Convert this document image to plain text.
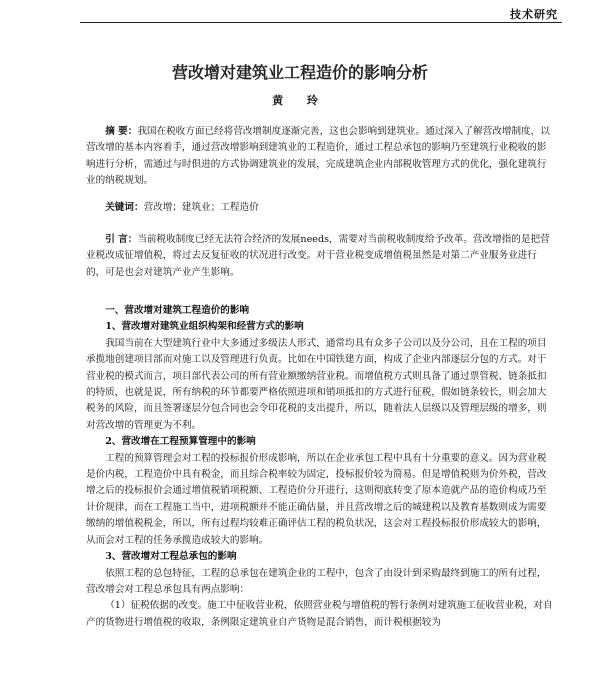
技术研究
营改增对建筑业工程造价的影响分析
黄 玲

摘 要：我国在税收方面已经将营改增制度逐渐完善，这也会影响到建筑业。通过深入了解营改增制度，以营改增的基本内容着手，通过营改增影响到建筑业的工程造价，通过工程总承包的影响乃至建筑行业税收的影响进行分析，需通过与时俱进的方式协调建筑业的发展，完成建筑企业内部税收管理方式的优化，强化建筑行业的纳税规划。

关键词：营改增；建筑业；工程造价

引 言：当前税收制度已经无法符合经济的发展needs，需要对当前税收制度给予改革。营改增指的是把营业税改成征增值税，将过去反复征收的状况进行改变。对于营业税变成增值税虽然是对第二产业服务业进行的，可是也会对建筑产业产生影响。

一、营改增对建筑工程造价的影响

1、营改增对建筑业组织构架和经营方式的影响

我国当前在大型建筑行业中大多通过多级法人形式，通常均具有众多子公司以及分公司，且在工程的项目承揽地创建项目部而对施工以及管理进行负责。比如在中国铁建方面，构成了企业内部逐层分包的方式。对于营业税的模式而言，项目部代表公司的所有营业额缴纳营业税。而增值税方式则具备了通过票管税、链条抵扣的特质，也就是说，所有纳税的环节都要严格依照进项和销项抵扣的方式进行征税，假如链条较长，则会加大税务的风险，而且签署逐层分包合同也会令印花税的支出提升，所以，随着法人层级以及管理层级的增多，则对营改增的管理更为不利。

2、营改增在工程预算管理中的影响

工程的预算管理会对工程的投标报价形成影响，所以在企业承包工程中具有十分重要的意义。因为营业税是价内税，工程造价中具有税金，而且综合税率较为固定，投标报价较为简易。但是增值税则为价外税，营改增之后的投标报价会通过增值税销项税额、工程造价分开进行，这则彻底转变了原本造就产品的造价构成乃至计价规律，而在工程施工当中，进项税额并不能正确估量，并且营改增之后的城建税以及教育基数则成为需要缴纳的增值税税金，所以，所有过程均较难正确评估工程的税负状况，这会对工程投标报价形成较大的影响，从而会对工程的任务承揽造成较大的影响。

3、营改增对工程总承包的影响

依照工程的总包特征，工程的总承包在建筑企业的工程中，包含了由设计到采购最终到施工的所有过程，营改增会对工程总承包具有两点影响：

（1）征税依据的改变。施工中征收营业税，依照营业税与增值税的暂行条例对建筑施工征收营业税，对自产的货物进行增值税的收取，条例限定建筑业自产货物是混合销售，而计税根据较为
